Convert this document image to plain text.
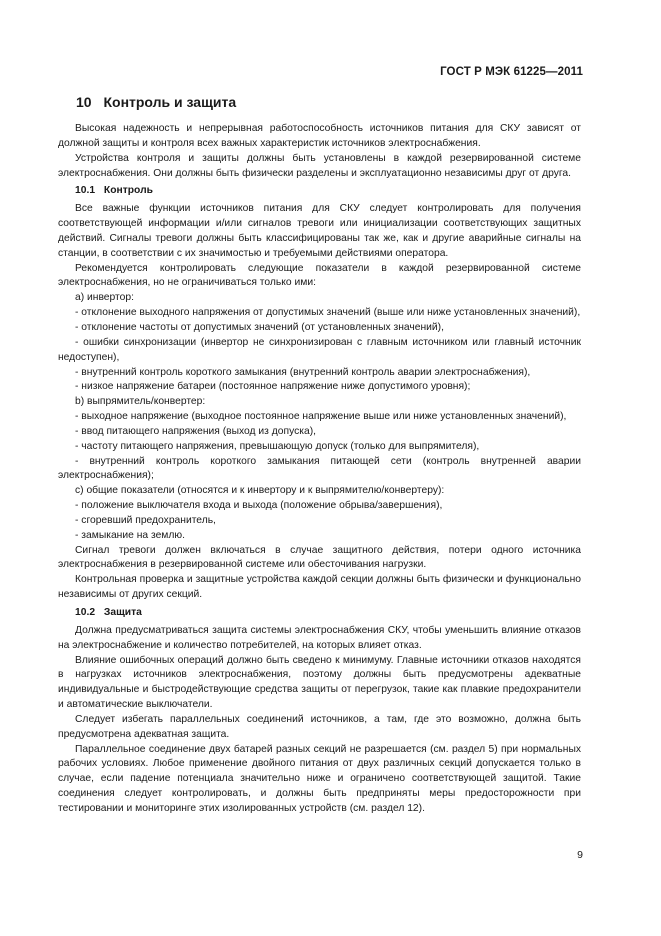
ГОСТ Р МЭК 61225—2011
10 Контроль и защита

Высокая надежность и непрерывная работоспособность источников питания для СКУ зависят от должной защиты и контроля всех важных характеристик источников электроснабжения.

Устройства контроля и защиты должны быть установлены в каждой резервированной системе электроснабжения. Они должны быть физически разделены и эксплуатационно независимы друг от друга.

10.1 Контроль

Все важные функции источников питания для СКУ следует контролировать для получения соответствующей информации и/или сигналов тревоги или инициализации соответствующих защитных действий. Сигналы тревоги должны быть классифицированы так же, как и другие аварийные сигналы на станции, в соответствии с их значимостью и требуемыми действиями оператора.

Рекомендуется контролировать следующие показатели в каждой резервированной системе электроснабжения, но не ограничиваться только ими:

а) инвертор:

- отклонение выходного напряжения от допустимых значений (выше или ниже установленных значений),

- отклонение частоты от допустимых значений (от установленных значений),

- ошибки синхронизации (инвертор не синхронизирован с главным источником или главный источник недоступен),

- внутренний контроль короткого замыкания (внутренний контроль аварии электроснабжения),

- низкое напряжение батареи (постоянное напряжение ниже допустимого уровня);

b) выпрямитель/конвертер:

- выходное напряжение (выходное постоянное напряжение выше или ниже установленных значений),

- ввод питающего напряжения (выход из допуска),

- частоту питающего напряжения, превышающую допуск (только для выпрямителя),

- внутренний контроль короткого замыкания питающей сети (контроль внутренней аварии электроснабжения);

с) общие показатели (относятся и к инвертору и к выпрямителю/конвертеру):

- положение выключателя входа и выхода (положение обрыва/завершения),

- сгоревший предохранитель,

- замыкание на землю.

Сигнал тревоги должен включаться в случае защитного действия, потери одного источника электроснабжения в резервированной системе или обесточивания нагрузки.

Контрольная проверка и защитные устройства каждой секции должны быть физически и функционально независимы от других секций.

10.2 Защита

Должна предусматриваться защита системы электроснабжения СКУ, чтобы уменьшить влияние отказов на электроснабжение и количество потребителей, на которых влияет отказ.

Влияние ошибочных операций должно быть сведено к минимуму. Главные источники отказов находятся в нагрузках источников электроснабжения, поэтому должны быть предусмотрены адекватные индивидуальные и быстродействующие средства защиты от перегрузок, такие как плавкие предохранители и автоматические выключатели.

Следует избегать параллельных соединений источников, а там, где это возможно, должна быть предусмотрена адекватная защита.

Параллельное соединение двух батарей разных секций не разрешается (см. раздел 5) при нормальных рабочих условиях. Любое применение двойного питания от двух различных секций допускается только в случае, если падение потенциала значительно ниже и ограничено соответствующей защитой. Такие соединения следует контролировать, и должны быть предприняты меры предосторожности при тестировании и мониторинге этих изолированных устройств (см. раздел 12).

9
